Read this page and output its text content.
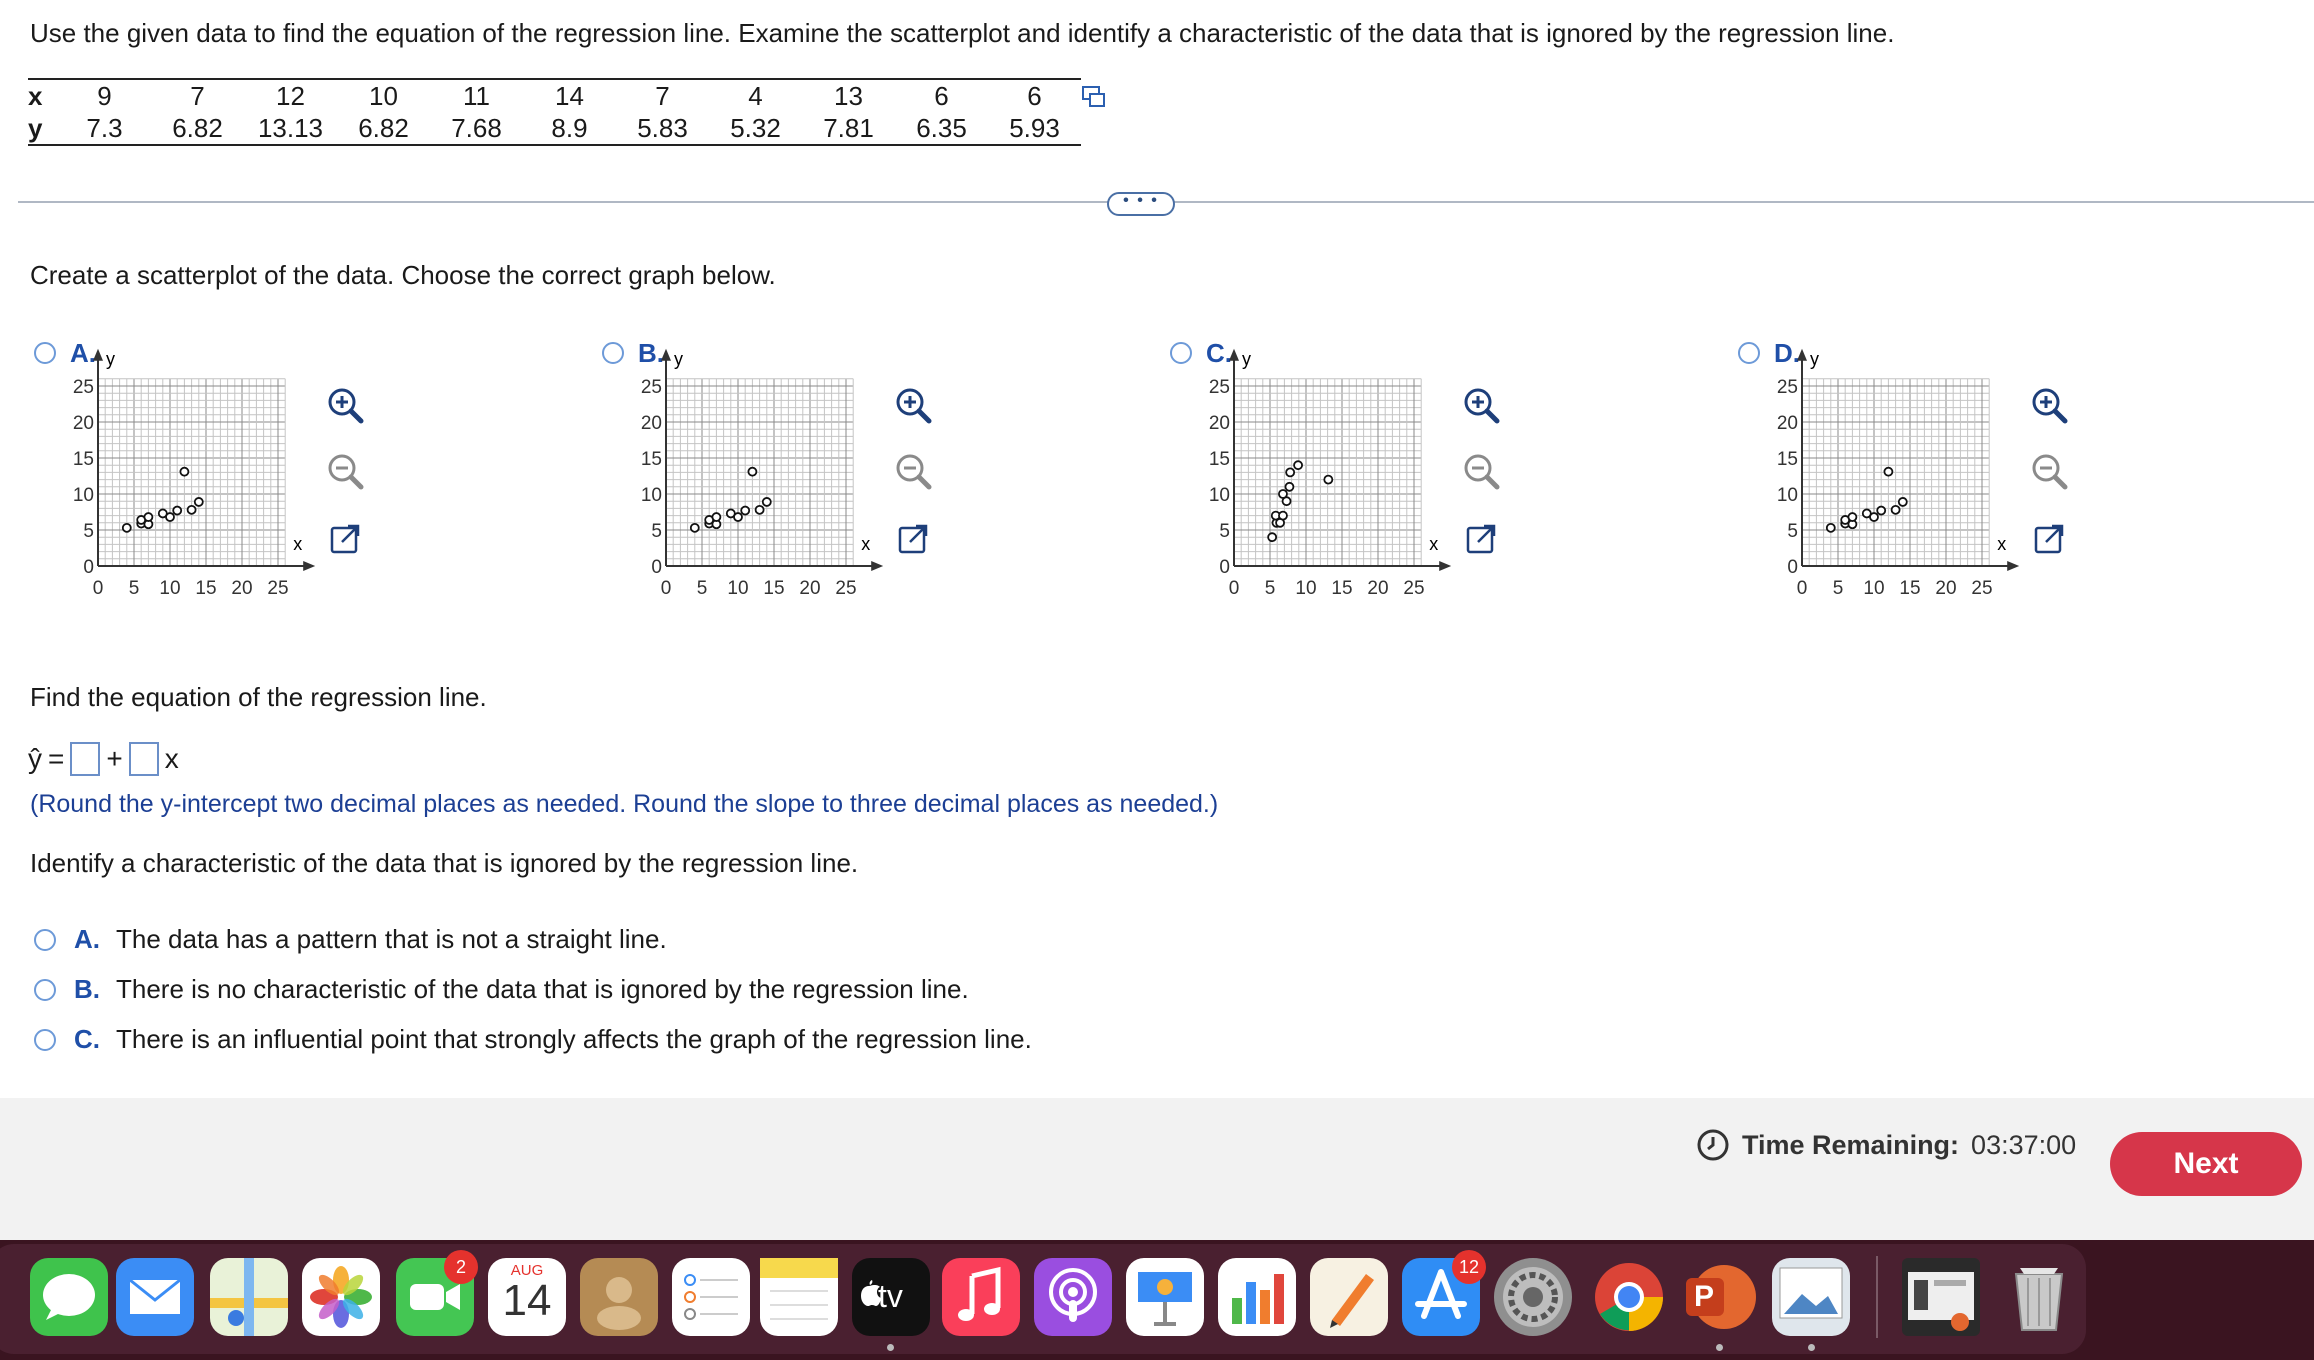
Use the given data to find the equation of the regression line. Examine the scatterplot and identify a characteristic of the data that is ignored by the regression line.
x	9	7	12	10	11	14	7	4	13	6	6
y	7.3	6.82	13.13	6.82	7.68	8.9	5.83	5.32	7.81	6.35	5.93
• • •
Create a scatterplot of the data. Choose the correct graph below.
A.
x
y
0 5 10 15 20 25
0
5
10
15
20
25
B.
x
y
0 5 10 15 20 25
0
5
10
15
20
25
C.
x
y
0 5 10 15 20 25
0
5
10
15
20
25
D.
x
y
0 5 10 15 20 25
0
5
10
15
20
25
Find the equation of the regression line.
ŷ = + x
(Round the y-intercept two decimal places as needed. Round the slope to three decimal places as needed.)
Identify a characteristic of the data that is ignored by the regression line.
A. The data has a pattern that is not a straight line.
B. There is no characteristic of the data that is ignored by the regression line.
C. There is an influential point that strongly affects the graph of the regression line.
Time Remaining: 03:37:00
Next
2	AUG
14	tv
12
P
